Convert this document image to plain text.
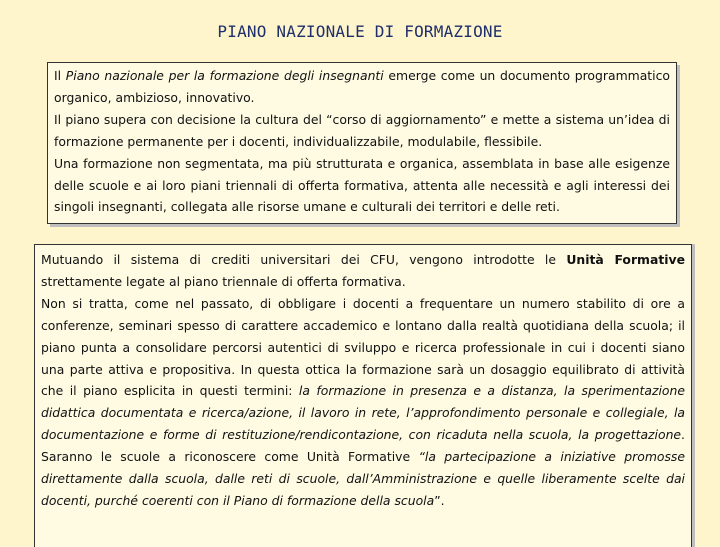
PIANO NAZIONALE DI FORMAZIONE

Il Piano nazionale per la formazione degli insegnanti emerge come un documento programmatico organico, ambizioso, innovativo.

Il piano supera con decisione la cultura del “corso di aggiornamento” e mette a sistema un’idea di formazione permanente per i docenti, individualizzabile, modulabile, flessibile.

Una formazione non segmentata, ma più strutturata e organica, assemblata in base alle esigenze delle scuole e ai loro piani triennali di offerta formativa, attenta alle necessità e agli interessi dei singoli insegnanti, collegata alle risorse umane e culturali dei territori e delle reti.

Mutuando il sistema di crediti universitari dei CFU, vengono introdotte le Unità Formative strettamente legate al piano triennale di offerta formativa.

Non si tratta, come nel passato, di obbligare i docenti a frequentare un numero stabilito di ore a conferenze, seminari spesso di carattere accademico e lontano dalla realtà quotidiana della scuola; il piano punta a consolidare percorsi autentici di sviluppo e ricerca professionale in cui i docenti siano una parte attiva e propositiva. In questa ottica la formazione sarà un dosaggio equilibrato di attività che il piano esplicita in questi termini: la formazione in presenza e a distanza, la sperimentazione didattica documentata e ricerca/azione, il lavoro in rete, l’approfondimento personale e collegiale, la documentazione e forme di restituzione/rendicontazione, con ricaduta nella scuola, la progettazione. Saranno le scuole a riconoscere come Unità Formative “la partecipazione a iniziative promosse direttamente dalla scuola, dalle reti di scuole, dall’Amministrazione e quelle liberamente scelte dai docenti, purché coerenti con il Piano di formazione della scuola”.
